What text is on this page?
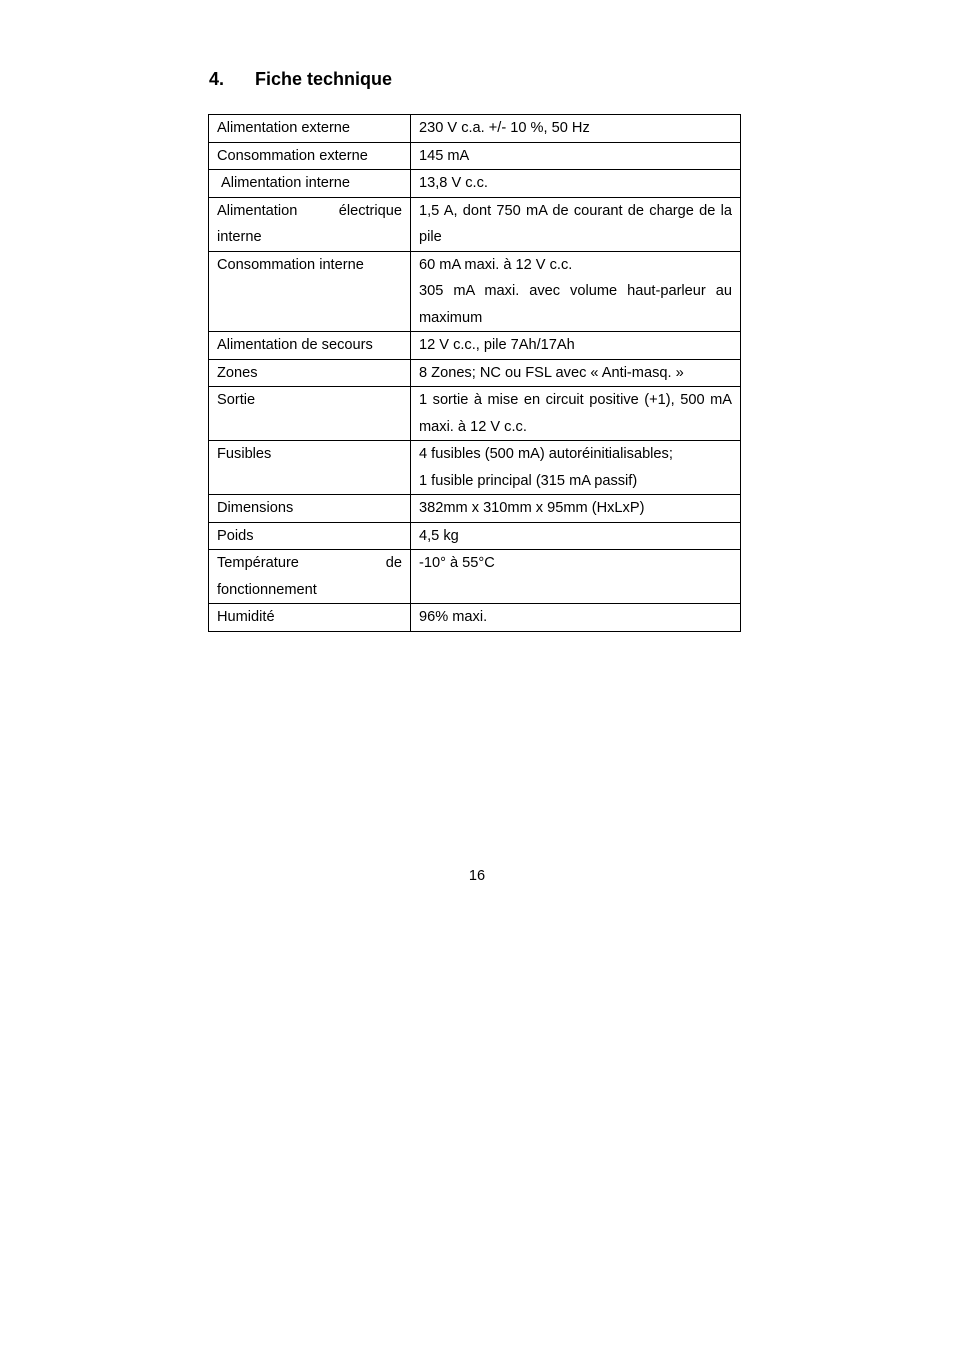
4. Fiche technique
Alimentation externe	230 V c.a. +/- 10 %, 50 Hz

Consommation externe	145 mA

Alimentation interne	13,8 V c.c.

Alimentation électrique interne	1,5 A, dont 750 mA de courant de charge de la pile

Consommation interne	60 mA maxi. à 12 V c.c.
305 mA maxi. avec volume haut-parleur au maximum

Alimentation de secours	12 V c.c., pile 7Ah/17Ah

Zones	8 Zones; NC ou FSL avec « Anti-masq. »

Sortie	1 sortie à mise en circuit positive (+1), 500 mA maxi. à 12 V c.c.

Fusibles	4 fusibles (500 mA) autoréinitialisables;
1 fusible principal (315 mA passif)

Dimensions	382mm x 310mm x 95mm (HxLxP)

Poids	4,5 kg

Température de fonctionnement	-10° à 55°C

Humidité	96% maxi.
16
